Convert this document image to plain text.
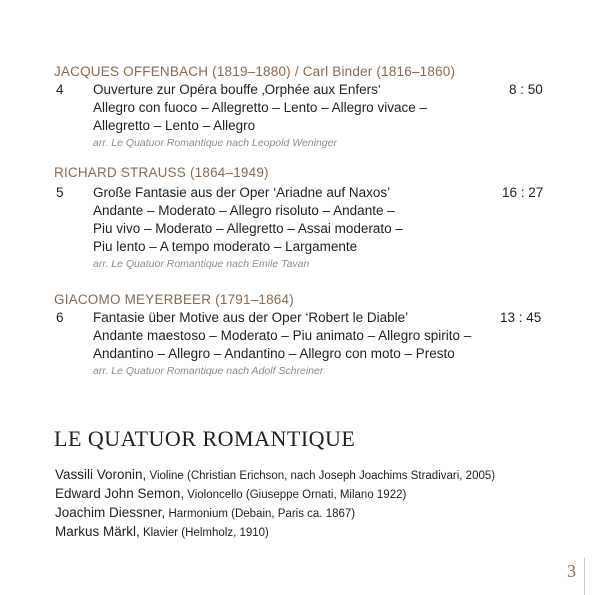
JACQUES OFFENBACH (1819–1880) / Carl Binder (1816–1860)
4 Ouverture zur Opéra bouffe ‚Orphée aux Enfers‘	8 : 50
Allegro con fuoco – Allegretto – Lento – Allegro vivace –
Allegretto – Lento – Allegro
arr. Le Quatuor Romantique nach Leopold Weninger
RICHARD STRAUSS (1864–1949)
5 Große Fantasie aus der Oper ‘Ariadne auf Naxos’	16 : 27
Andante – Moderato – Allegro risoluto – Andante –
Piu vivo – Moderato – Allegretto – Assai moderato –
Piu lento – A tempo moderato – Largamente
arr. Le Quatuor Romantique nach Emile Tavan
GIACOMO MEYERBEER (1791–1864)
6 Fantasie über Motive aus der Oper ‘Robert le Diable’	13 : 45
Andante maestoso – Moderato – Piu animato – Allegro spirito –
Andantino – Allegro – Andantino – Allegro con moto – Presto
arr. Le Quatuor Romantique nach Adolf Schreiner
LE QUATUOR ROMANTIQUE
Vassili Voronin, Violine (Christian Erichson, nach Joseph Joachims Stradivari, 2005)
Edward John Semon, Violoncello (Giuseppe Ornati, Milano 1922)
Joachim Diessner, Harmonium (Debain, Paris ca. 1867)
Markus Märkl, Klavier (Helmholz, 1910)
3
